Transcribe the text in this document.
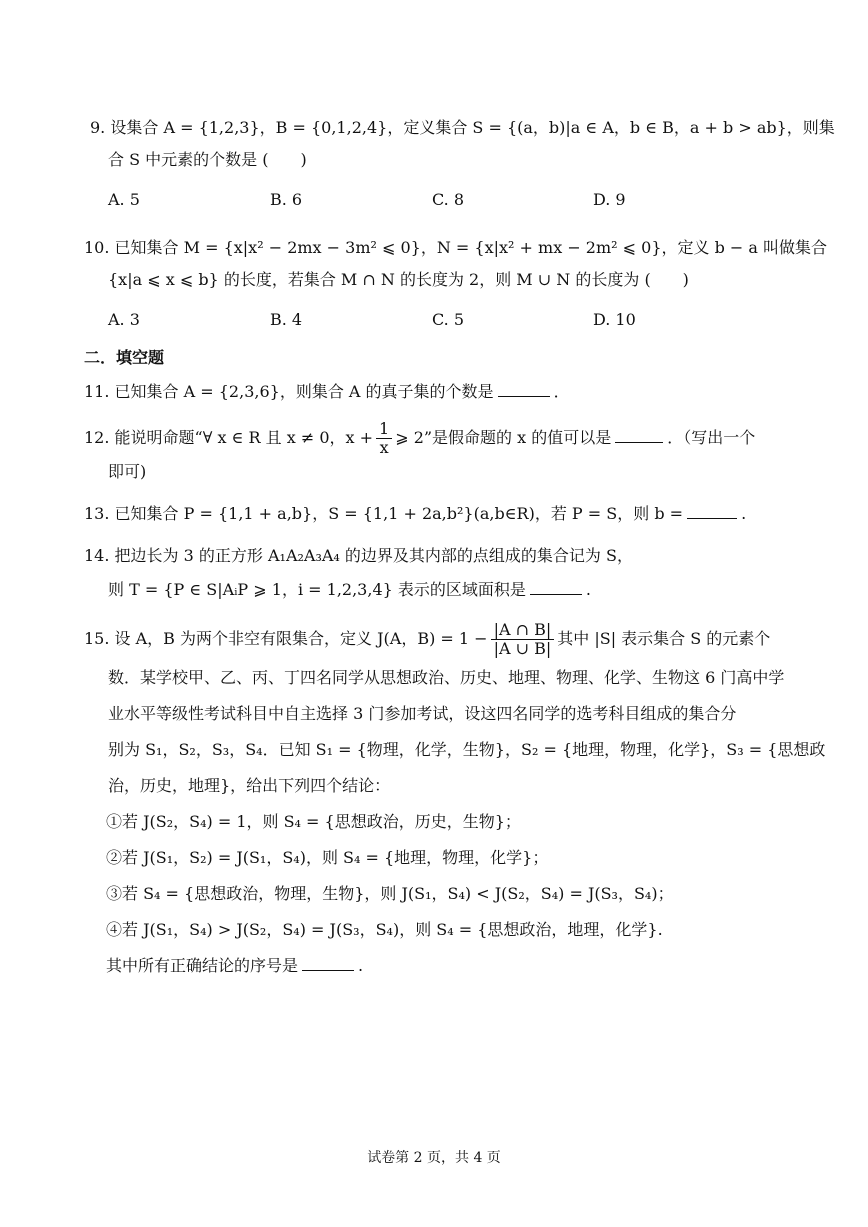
9. 设集合 A = {1,2,3}，B = {0,1,2,4}，定义集合 S = {(a，b)|a ∈ A，b ∈ B，a + b > ab}，则集
合 S 中元素的个数是 (　　)
A. 5	B. 6	C. 8	D. 9
10. 已知集合 M = {x|x² − 2mx − 3m² ⩽ 0}，N = {x|x² + mx − 2m² ⩽ 0}，定义 b − a 叫做集合
{x|a ⩽ x ⩽ b} 的长度，若集合 M ∩ N 的长度为 2，则 M ∪ N 的长度为 (　　)
A. 3	B. 4	C. 5	D. 10
二．填空题
11. 已知集合 A = {2,3,6}，则集合 A 的真子集的个数是	．
12. 能说明命题“∀ x ∈ R 且 x ≠ 0，$x + \frac{1}{x}$ ⩾ 2”是假命题的 x 的值可以是	．（写出一个
即可)
13. 已知集合 P = {1,1 + a,b}，S = {1,1 + 2a,b²}(a,b∈R)，若 P = S，则 b =	.
14. 把边长为 3 的正方形 A₁A₂A₃A₄ 的边界及其内部的点组成的集合记为 S，
则 T = {P ∈ S|AᵢP ⩾ 1，i = 1,2,3,4} 表示的区域面积是	.
15. 设 A，B 为两个非空有限集合，定义 J(A，$B) = 1 - \frac{|A \cap B|}{|A \cup B|}$ 其中 |S| 表示集合 S 的元素个
数．某学校甲、乙、丙、丁四名同学从思想政治、历史、地理、物理、化学、生物这 6 门高中学
业水平等级性考试科目中自主选择 3 门参加考试，设这四名同学的选考科目组成的集合分
别为 S₁，S₂，S₃，S₄．已知 S₁ = {物理，化学，生物}，S₂ = {地理，物理，化学}，S₃ = {思想政
治，历史，地理}，给出下列四个结论：
①若 J(S₂，S₄) = 1，则 S₄ = {思想政治，历史，生物}；
②若 J(S₁，S₂) = J(S₁，S₄)，则 S₄ = {地理，物理，化学}；
③若 S₄ = {思想政治，物理，生物}，则 J(S₁，S₄) < J(S₂，S₄) = J(S₃，S₄)；
④若 J(S₁，S₄) > J(S₂，S₄) = J(S₃，S₄)，则 S₄ = {思想政治，地理，化学}.
其中所有正确结论的序号是	.
试卷第 2 页，共 4 页
